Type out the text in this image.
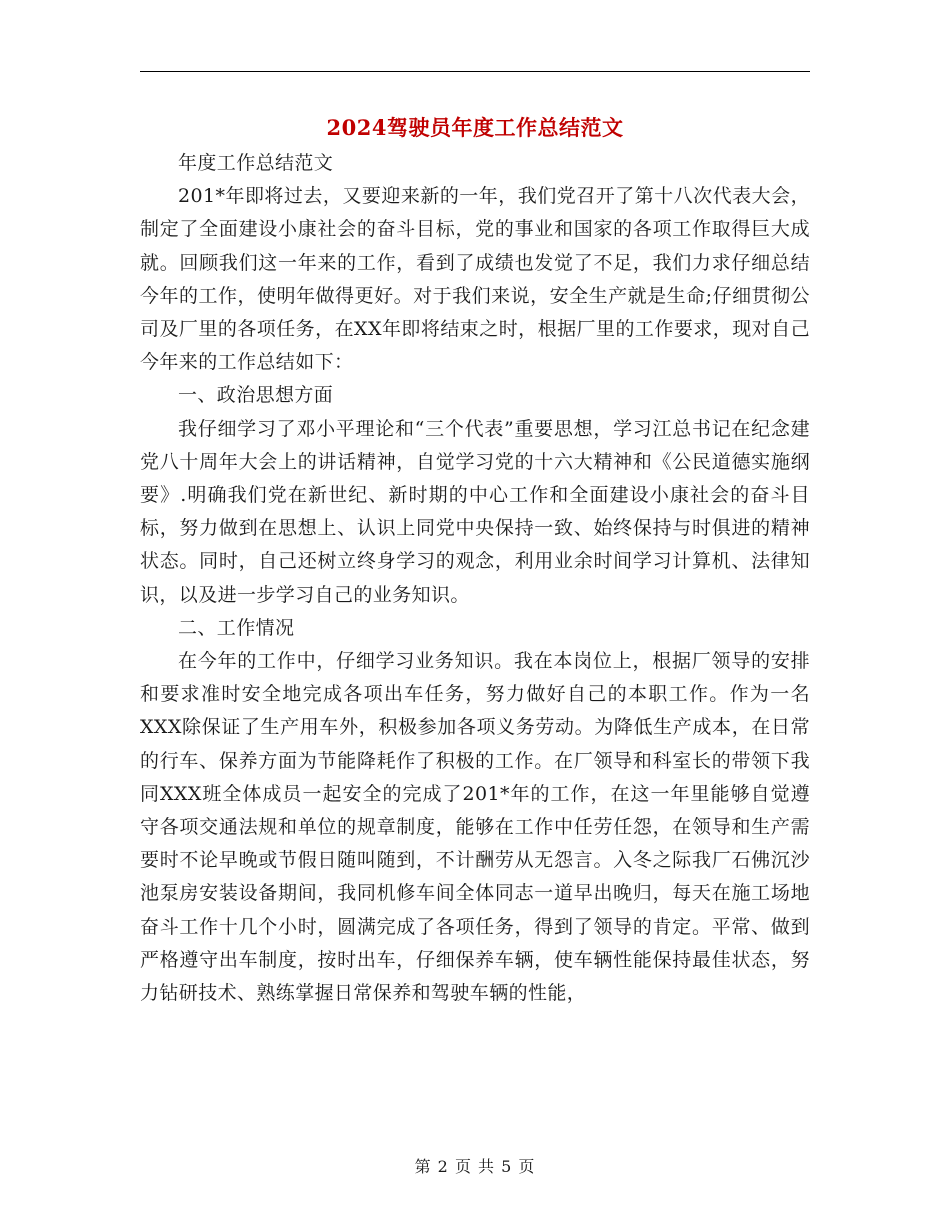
2024驾驶员年度工作总结范文

年度工作总结范文

201*年即将过去，又要迎来新的一年，我们党召开了第十八次代表大会，制定了全面建设小康社会的奋斗目标，党的事业和国家的各项工作取得巨大成就。回顾我们这一年来的工作，看到了成绩也发觉了不足，我们力求仔细总结今年的工作，使明年做得更好。对于我们来说，安全生产就是生命;仔细贯彻公司及厂里的各项任务，在XX年即将结束之时，根据厂里的工作要求，现对自己今年来的工作总结如下：

一、政治思想方面

我仔细学习了邓小平理论和“三个代表”重要思想，学习江总书记在纪念建党八十周年大会上的讲话精神，自觉学习党的十六大精神和《公民道德实施纲要》.明确我们党在新世纪、新时期的中心工作和全面建设小康社会的奋斗目标，努力做到在思想上、认识上同党中央保持一致、始终保持与时俱进的精神状态。同时，自己还树立终身学习的观念，利用业余时间学习计算机、法律知识，以及进一步学习自己的业务知识。

二、工作情况

在今年的工作中，仔细学习业务知识。我在本岗位上，根据厂领导的安排和要求准时安全地完成各项出车任务，努力做好自己的本职工作。作为一名XXX除保证了生产用车外，积极参加各项义务劳动。为降低生产成本，在日常的行车、保养方面为节能降耗作了积极的工作。在厂领导和科室长的带领下我同XXX班全体成员一起安全的完成了201*年的工作，在这一年里能够自觉遵守各项交通法规和单位的规章制度，能够在工作中任劳任怨，在领导和生产需要时不论早晚或节假日随叫随到，不计酬劳从无怨言。入冬之际我厂石佛沉沙池泵房安装设备期间，我同机修车间全体同志一道早出晚归，每天在施工场地奋斗工作十几个小时，圆满完成了各项任务，得到了领导的肯定。平常、做到严格遵守出车制度，按时出车，仔细保养车辆，使车辆性能保持最佳状态，努力钻研技术、熟练掌握日常保养和驾驶车辆的性能，

第 2 页 共 5 页
